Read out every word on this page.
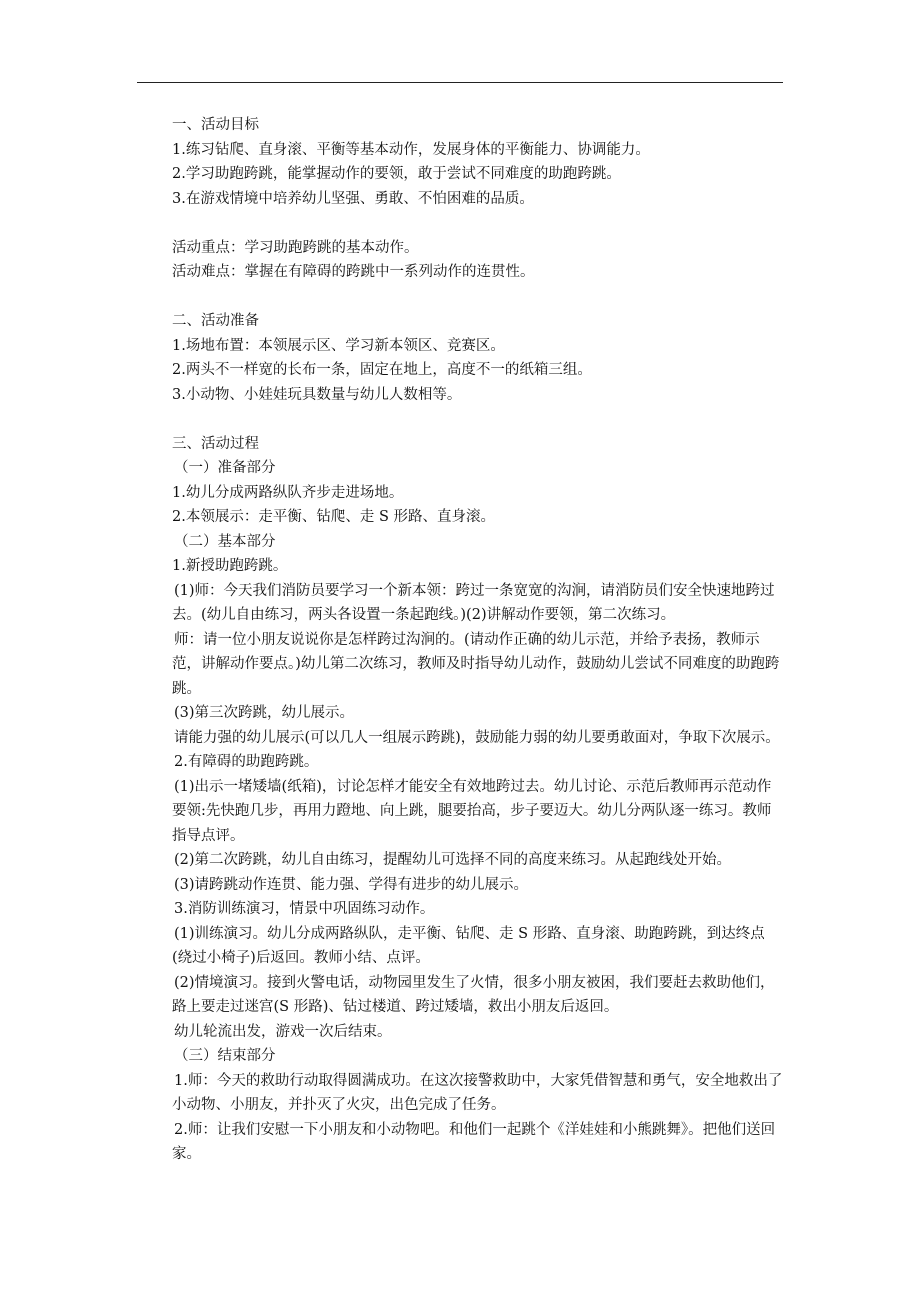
一、活动目标

1.练习钻爬、直身滚、平衡等基本动作，发展身体的平衡能力、协调能力。

2.学习助跑跨跳，能掌握动作的要领，敢于尝试不同难度的助跑跨跳。

3.在游戏情境中培养幼儿坚强、勇敢、不怕困难的品质。

活动重点：学习助跑跨跳的基本动作。

活动难点：掌握在有障碍的跨跳中一系列动作的连贯性。

二、活动准备

1.场地布置：本领展示区、学习新本领区、竞赛区。

2.两头不一样宽的长布一条，固定在地上，高度不一的纸箱三组。

3.小动物、小娃娃玩具数量与幼儿人数相等。

三、活动过程

（一）准备部分

1.幼儿分成两路纵队齐步走进场地。

2.本领展示：走平衡、钻爬、走 S 形路、直身滚。

（二）基本部分

1.新授助跑跨跳。

(1)师：今天我们消防员要学习一个新本领：跨过一条宽宽的沟涧，请消防员们安全快速地跨过去。(幼儿自由练习，两头各设置一条起跑线。)(2)讲解动作要领，第二次练习。

师：请一位小朋友说说你是怎样跨过沟涧的。(请动作正确的幼儿示范，并给予表扬，教师示范，讲解动作要点。)幼儿第二次练习，教师及时指导幼儿动作，鼓励幼儿尝试不同难度的助跑跨跳。

(3)第三次跨跳，幼儿展示。

请能力强的幼儿展示(可以几人一组展示跨跳)，鼓励能力弱的幼儿要勇敢面对，争取下次展示。

2.有障碍的助跑跨跳。

(1)出示一堵矮墙(纸箱)，讨论怎样才能安全有效地跨过去。幼儿讨论、示范后教师再示范动作要领:先快跑几步，再用力蹬地、向上跳，腿要抬高，步子要迈大。幼儿分两队逐一练习。教师指导点评。

(2)第二次跨跳，幼儿自由练习，提醒幼儿可选择不同的高度来练习。从起跑线处开始。

(3)请跨跳动作连贯、能力强、学得有进步的幼儿展示。

3.消防训练演习，情景中巩固练习动作。

(1)训练演习。幼儿分成两路纵队，走平衡、钻爬、走 S 形路、直身滚、助跑跨跳，到达终点(绕过小椅子)后返回。教师小结、点评。

(2)情境演习。接到火警电话，动物园里发生了火情，很多小朋友被困，我们要赶去救助他们，路上要走过迷宫(S 形路)、钻过楼道、跨过矮墙，救出小朋友后返回。

幼儿轮流出发，游戏一次后结束。

（三）结束部分

1.师：今天的救助行动取得圆满成功。在这次接警救助中，大家凭借智慧和勇气，安全地救出了小动物、小朋友，并扑灭了火灾，出色完成了任务。

2.师：让我们安慰一下小朋友和小动物吧。和他们一起跳个《洋娃娃和小熊跳舞》。把他们送回家。
